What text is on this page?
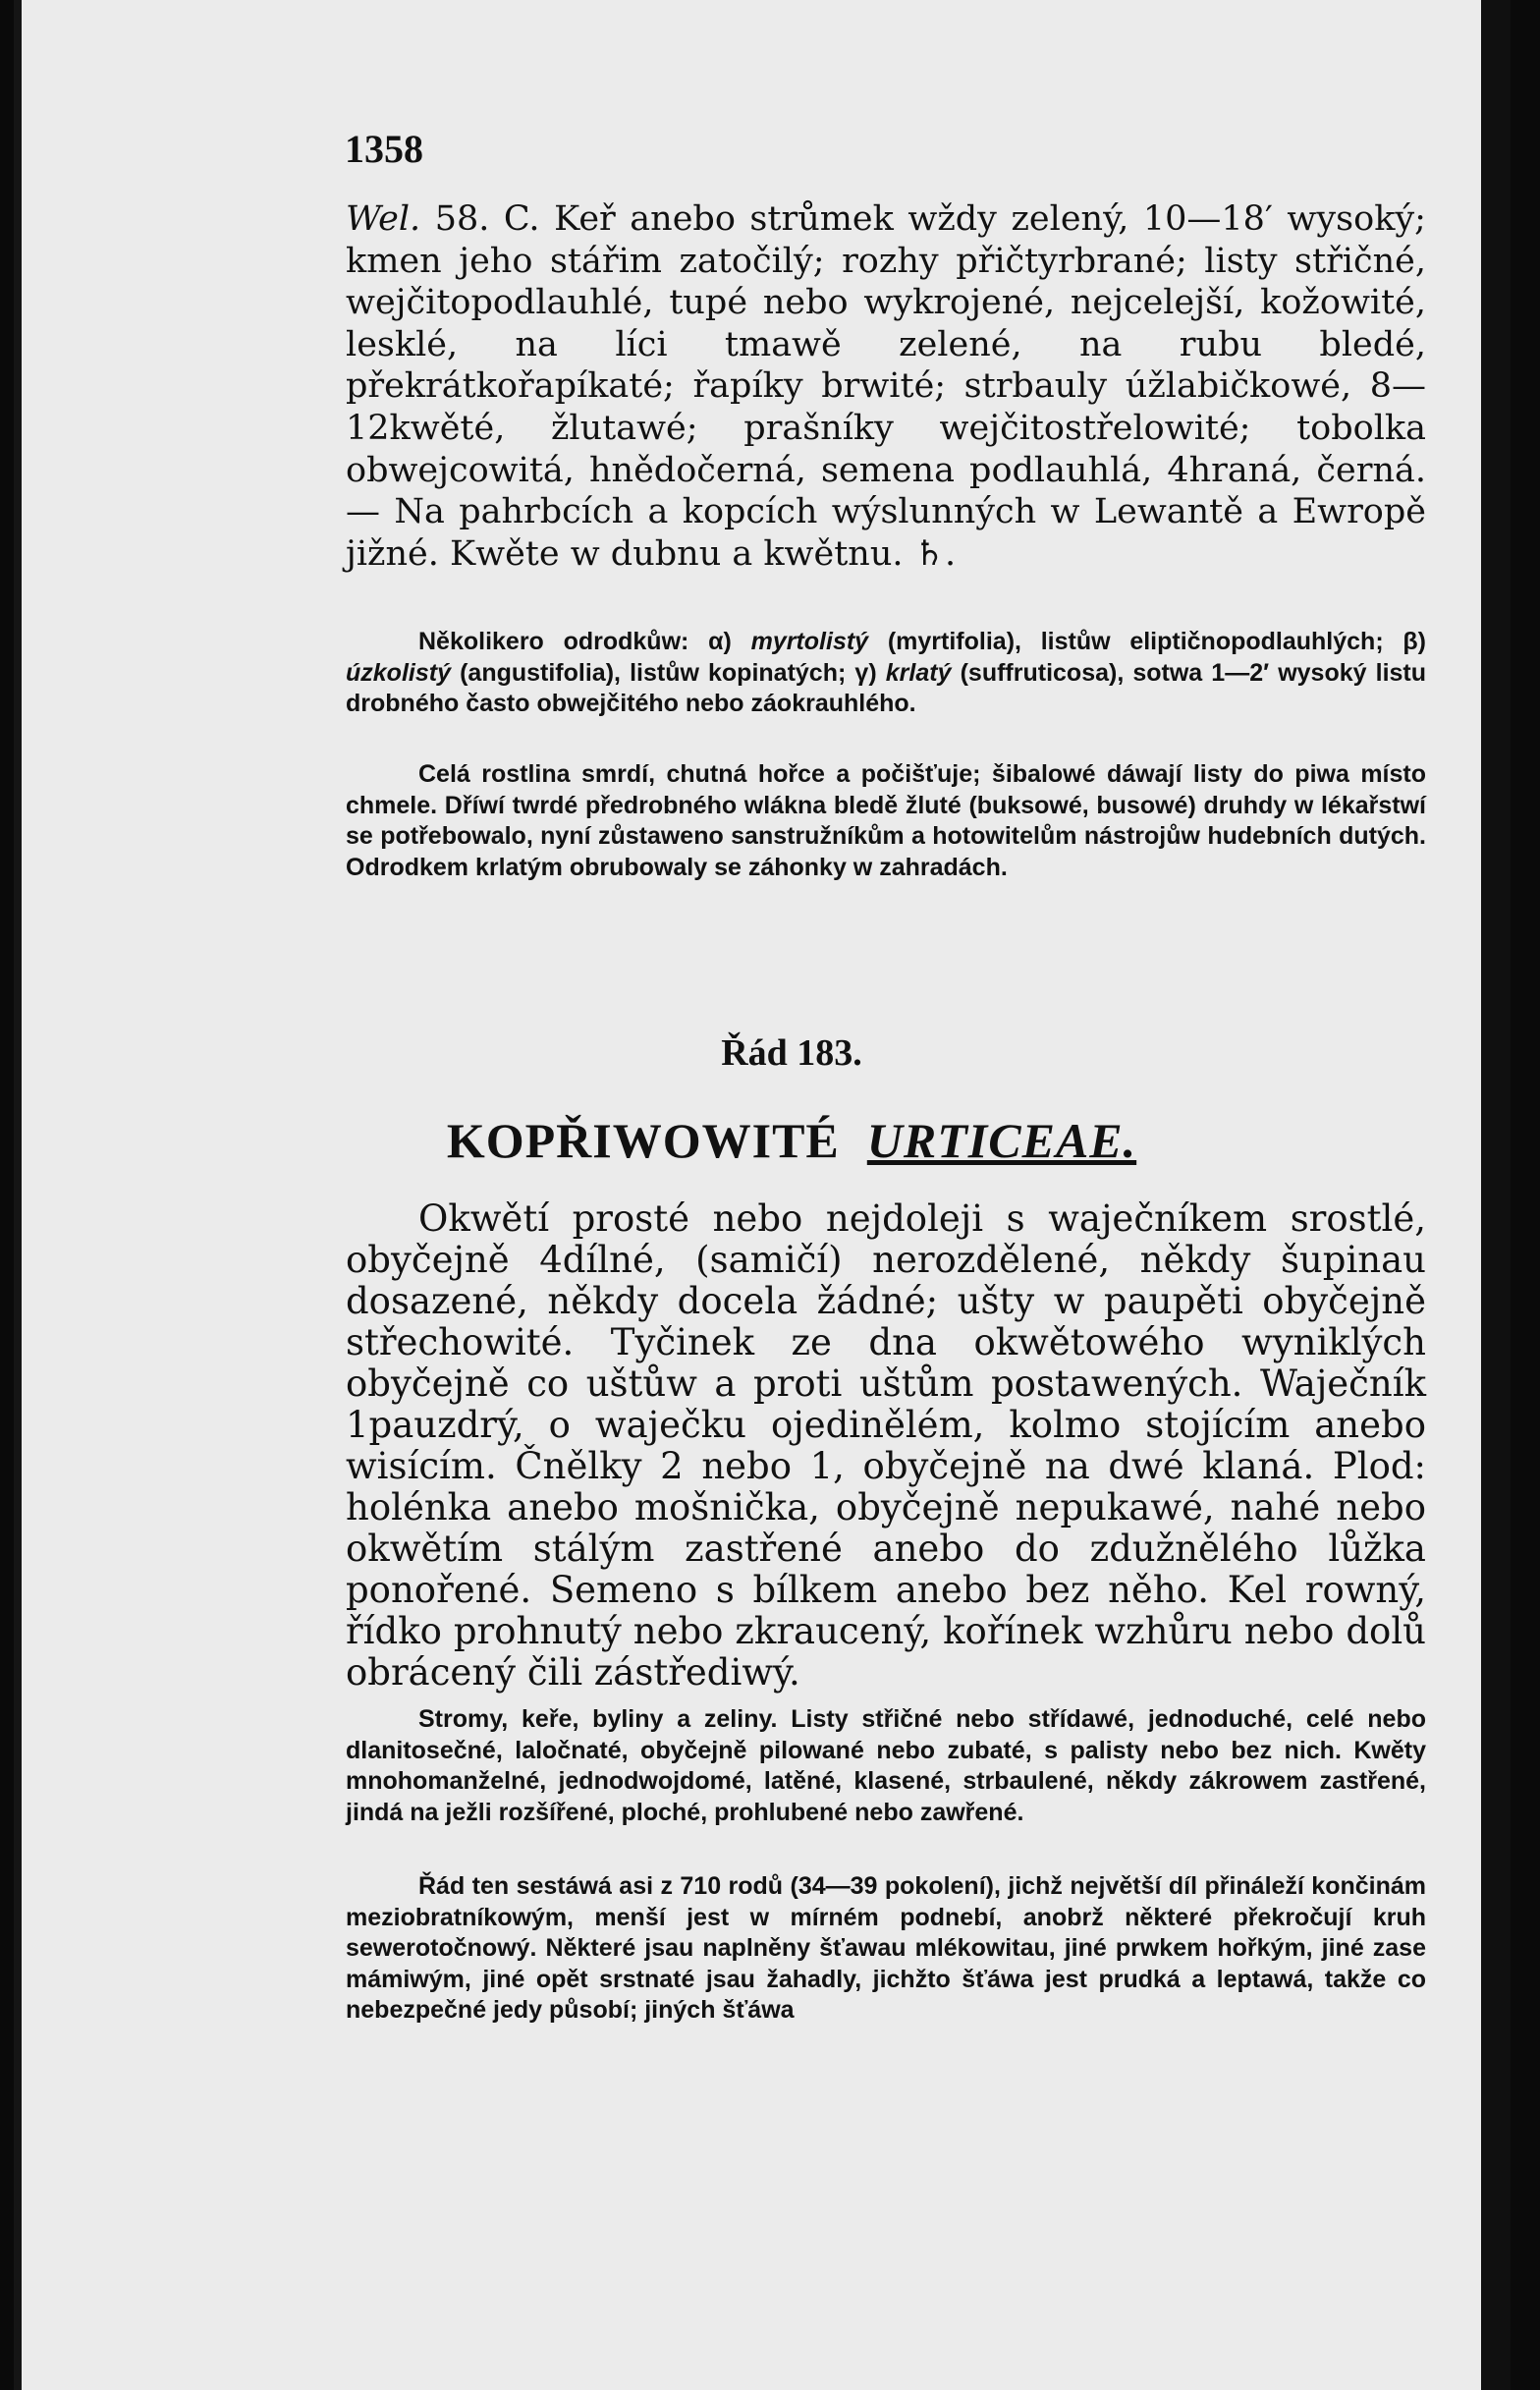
1358
Wel. 58. C. Keř anebo strůmek wždy zelený, 10—18′ wysoký; kmen jeho stářim zatočilý; rozhy přičtyrbrané; listy střičné, wejčitopodlauhlé, tupé nebo wykrojené, nejcelejší, kožowité, lesklé, na líci tmawě zelené, na rubu bledé, překrátkořapíkaté; řapíky brwité; strbauly úžlabičkowé, 8—12kwěté, žlutawé; prašníky wejčitostřelowité; tobolka obwejcowitá, hnědočerná, semena podlauhlá, 4hraná, černá. — Na pahrbcích a kopcích wýslunných w Lewantě a Ewropě jižné. Kwěte w dubnu a kwětnu. ♄.
Několikero odrodkůw: α) myrtolistý (myrtifolia), listůw eliptičnopodlauhlých; β) úzkolistý (angustifolia), listůw kopinatých; γ) krlatý (suffruticosa), sotwa 1—2′ wysoký listu drobného často obwejčitého nebo záokrauhlého.
Celá rostlina smrdí, chutná hořce a počišťuje; šibalowé dáwají listy do piwa místo chmele. Dříwí twrdé předrobného wlákna bledě žluté (buksowé, busowé) druhdy w lékařstwí se potřebowalo, nyní zůstaweno sanstružníkům a hotowitelům nástrojůw hudebních dutých. Odrodkem krlatým obrubowaly se záhonky w zahradách.
Řád 183.
KOPŘIWOWITÉ URTICEAE.
Okwětí prosté nebo nejdoleji s waječníkem srostlé, obyčejně 4dílné, (samičí) nerozdělené, někdy šupinau dosazené, někdy docela žádné; ušty w paupěti obyčejně střechowité. Tyčinek ze dna okwětowého wyniklých obyčejně co uštůw a proti uštům postawených. Waječník 1pauzdrý, o waječku ojedinělém, kolmo stojícím anebo wisícím. Čnělky 2 nebo 1, obyčejně na dwé klaná. Plod: holénka anebo mošnička, obyčejně nepukawé, nahé nebo okwětím stálým zastřené anebo do zdužnělého lůžka ponořené. Semeno s bílkem anebo bez něho. Kel rowný, řídko prohnutý nebo zkraucený, kořínek wzhůru nebo dolů obrácený čili zástřediwý.
Stromy, keře, byliny a zeliny. Listy střičné nebo střídawé, jednoduché, celé nebo dlanitosečné, laločnaté, obyčejně pilowané nebo zubaté, s palisty nebo bez nich. Kwěty mnohomanželné, jednodwojdomé, latěné, klasené, strbaulené, někdy zákrowem zastřené, jindá na ježli rozšířené, ploché, prohlubené nebo zawřené.
Řád ten sestáwá asi z 710 rodů (34—39 pokolení), jichž největší díl přináleží končinám meziobratníkowým, menší jest w mírném podnebí, anobrž některé překročují kruh sewerotočnowý. Některé jsau naplněny šťawau mlékowitau, jiné prwkem hořkým, jiné zase mámiwým, jiné opět srstnaté jsau žahadly, jichžto šťáwa jest prudká a leptawá, takže co nebezpečné jedy působí; jiných šťáwa
